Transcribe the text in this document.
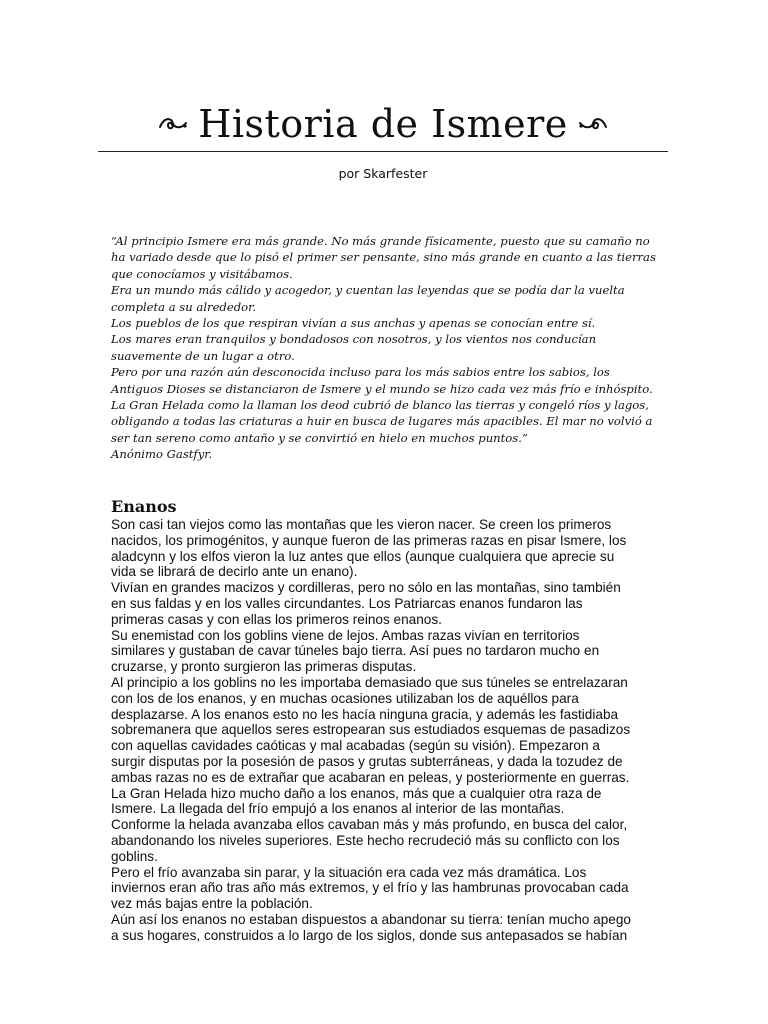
Historia de Ismere
por Skarfester
“Al principio Ismere era más grande. No más grande físicamente, puesto que su camaño no
ha variado desde que lo pisó el primer ser pensante, sino más grande en cuanto a las tierras
que conocíamos y visitábamos.
Era un mundo más cálido y acogedor, y cuentan las leyendas que se podía dar la vuelta
completa a su alrededor.
Los pueblos de los que respiran vivían a sus anchas y apenas se conocían entre sí.
Los mares eran tranquilos y bondadosos con nosotros, y los vientos nos conducían
suavemente de un lugar a otro.
Pero por una razón aún desconocida incluso para los más sabios entre los sabios, los
Antiguos Dioses se distanciaron de Ismere y el mundo se hizo cada vez más frío e inhóspito.
La Gran Helada como la llaman los deod cubrió de blanco las tierras y congeló ríos y lagos,
obligando a todas las criaturas a huir en busca de lugares más apacibles. El mar no volvió a
ser tan sereno como antaño y se convirtió en hielo en muchos puntos.”
Anónimo Gastfyr.
Enanos
Son casi tan viejos como las montañas que les vieron nacer. Se creen los primeros
nacidos, los primogénitos, y aunque fueron de las primeras razas en pisar Ismere, los
aladcynn y los elfos vieron la luz antes que ellos (aunque cualquiera que aprecie su
vida se librará de decirlo ante un enano).
Vivían en grandes macizos y cordilleras, pero no sólo en las montañas, sino también
en sus faldas y en los valles circundantes. Los Patriarcas enanos fundaron las
primeras casas y con ellas los primeros reinos enanos.
Su enemistad con los goblins viene de lejos. Ambas razas vivían en territorios
similares y gustaban de cavar túneles bajo tierra. Así pues no tardaron mucho en
cruzarse, y pronto surgieron las primeras disputas.
Al principio a los goblins no les importaba demasiado que sus túneles se entrelazaran
con los de los enanos, y en muchas ocasiones utilizaban los de aquéllos para
desplazarse. A los enanos esto no les hacía ninguna gracia, y además les fastidiaba
sobremanera que aquellos seres estropearan sus estudiados esquemas de pasadizos
con aquellas cavidades caóticas y mal acabadas (según su visión). Empezaron a
surgir disputas por la posesión de pasos y grutas subterráneas, y dada la tozudez de
ambas razas no es de extrañar que acabaran en peleas, y posteriormente en guerras.
La Gran Helada hizo mucho daño a los enanos, más que a cualquier otra raza de
Ismere. La llegada del frío empujó a los enanos al interior de las montañas.
Conforme la helada avanzaba ellos cavaban más y más profundo, en busca del calor,
abandonando los niveles superiores. Este hecho recrudeció más su conflicto con los
goblins.
Pero el frío avanzaba sin parar, y la situación era cada vez más dramática. Los
inviernos eran año tras año más extremos, y el frío y las hambrunas provocaban cada
vez más bajas entre la población.
Aún así los enanos no estaban dispuestos a abandonar su tierra: tenían mucho apego
a sus hogares, construidos a lo largo de los siglos, donde sus antepasados se habían
